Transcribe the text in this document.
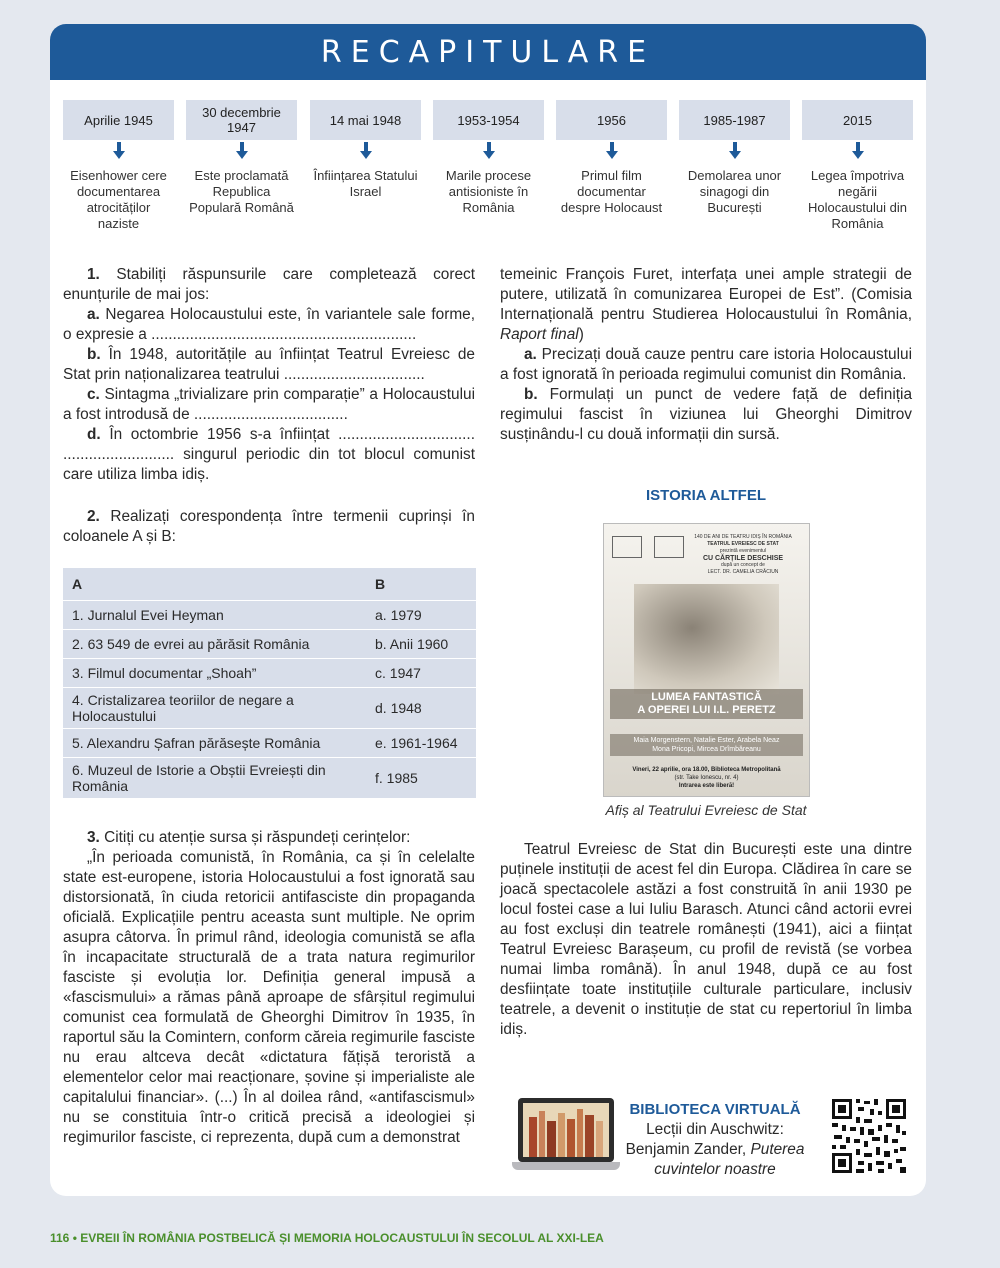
RECAPITULARE
Aprilie 1945
Eisenhower cere documentarea atrocităților naziste
30 decembrie 1947
Este proclamată Republica Populară Română
14 mai 1948
Înființarea Statului Israel
1953-1954
Marile procese antisioniste în România
1956
Primul film documentar despre Holocaust
1985-1987
Demolarea unor sinagogi din București
2015
Legea împotriva negării Holocaustului din România

1. Stabiliți răspunsurile care completează corect enunțurile de mai jos:

a. Negarea Holocaustului este, în variantele sale forme, o expresie a ..............................................................

b. În 1948, autoritățile au înființat Teatrul Evreiesc de Stat prin naționalizarea teatrului .................................

c. Sintagma „trivializare prin comparație” a Holocaustului a fost introdusă de ....................................

d. În octombrie 1956 s-a înființat ................................ .......................... singurul periodic din tot blocul comunist care utiliza limba idiș.

2. Realizați corespondența între termenii cuprinși în coloanele A și B:

A	B
1. Jurnalul Evei Heyman	a. 1979
2. 63 549 de evrei au părăsit România	b. Anii 1960
3. Filmul documentar „Shoah”	c. 1947
4. Cristalizarea teoriilor de negare a Holocaustului	d. 1948
5. Alexandru Șafran părăsește România	e. 1961-1964
6. Muzeul de Istorie a Obștii Evreiești din România	f. 1985

3. Citiți cu atenție sursa și răspundeți cerințelor:

„În perioada comunistă, în România, ca și în celelalte state est-europene, istoria Holocaustului a fost ignorată sau distorsionată, în ciuda retoricii antifasciste din propaganda oficială. Explicațiile pentru aceasta sunt multiple. Ne oprim asupra câtorva. În primul rând, ideologia comunistă se afla în incapacitate structurală de a trata natura regimurilor fasciste și evoluția lor. Definiția general impusă a «fascismului» a rămas până aproape de sfârșitul regimului comunist cea formulată de Gheorghi Dimitrov în 1935, în raportul său la Comintern, conform căreia regimurile fasciste nu erau altceva decât «dictatura fățișă teroristă a elementelor celor mai reacționare, șovine și imperialiste ale capitalului financiar». (...) În al doilea rând, «antifascismul» nu se constituia într-o critică precisă a ideologiei și regimurilor fasciste, ci reprezenta, după cum a demonstrat

temeinic François Furet, interfața unei ample strategii de putere, utilizată în comunizarea Europei de Est”. (Comisia Internațională pentru Studierea Holocaustului în România, Raport final)

a. Precizați două cauze pentru care istoria Holocaustului a fost ignorată în perioada regimului comunist din România.

b. Formulați un punct de vedere față de definiția regimului fascist în viziunea lui Gheorghi Dimitrov susținându-l cu două informații din sursă.

ISTORIA ALTFEL
140 DE ANI DE TEATRU IDIȘ ÎN ROMÂNIA
TEATRUL EVREIESC DE STAT
prezintă evenimentul
CU CĂRȚILE DESCHISE
după un concept de
LECT. DR. CAMELIA CRĂCIUN
LUMEA FANTASTICĂ
A OPEREI LUI I.L. PERETZ
Maia Morgenstern, Natalie Ester, Arabela Neaz
Mona Pricopi, Mircea Drîmbăreanu
Vineri, 22 aprilie, ora 18.00, Biblioteca Metropolitană
(str. Take Ionescu, nr. 4)
Intrarea este liberă!
Afiș al Teatrului Evreiesc de Stat

Teatrul Evreiesc de Stat din București este una dintre puținele instituții de acest fel din Europa. Clădirea în care se joacă spectacolele astăzi a fost construită în anii 1930 pe locul fostei case a lui Iuliu Barasch. Atunci când actorii evrei au fost excluși din teatrele românești (1941), aici a ființat Teatrul Evreiesc Barașeum, cu profil de revistă (se vorbea numai limba română). În anul 1948, după ce au fost desființate toate instituțiile culturale particulare, inclusiv teatrele, a devenit o instituție de stat cu repertoriul în limba idiș.

BIBLIOTECA VIRTUALĂ
Lecții din Auschwitz:
Benjamin Zander, Puterea cuvintelor noastre
116 • EVREII ÎN ROMÂNIA POSTBELICĂ ȘI MEMORIA HOLOCAUSTULUI ÎN SECOLUL AL XXI-LEA
